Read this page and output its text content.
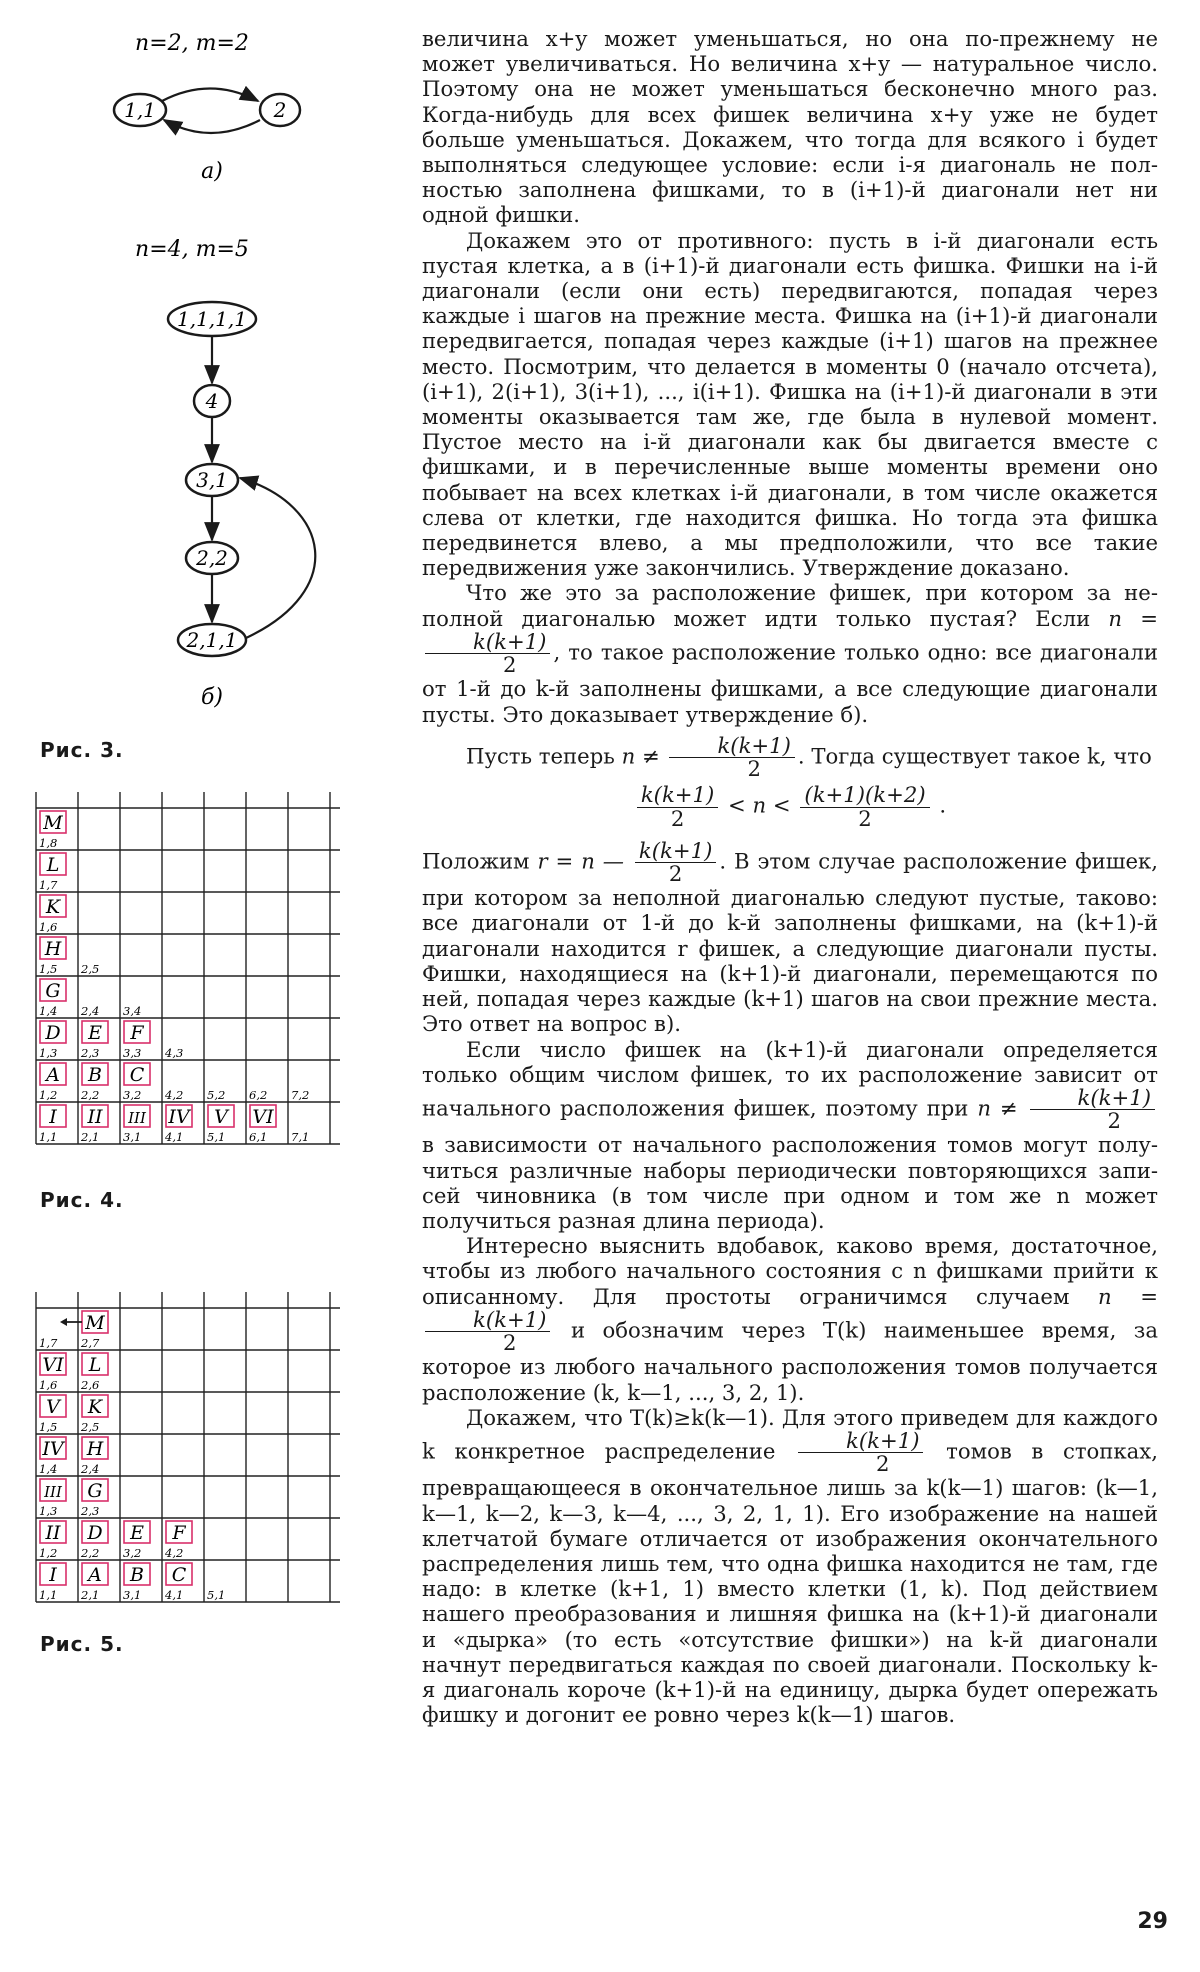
n=2, m=2
1,1	2
a)
n=4, m=5
1,1,1,1
4
3,1
2,2
2,1,1
б)
Рис. 3.
M
1,8
L
1,7
K
1,6
H
1,5 2,5
G
1,4 2,4 3,4
D
1,3
E
2,3
F
3,3 4,3
A
1,2
B
2,2
C
3,2 4,2 5,2 6,2 7,2
I
1,1
II
2,1
III
3,1
IV
4,1
V
5,1
VI
6,1 7,1
Рис. 4.
1,7
M
2,7
VI
1,6
L
2,6
V
1,5
K
2,5
IV
1,4
H
2,4
III
1,3
G
2,3
II
1,2
D
2,2
E
3,2
F
4,2
I
1,1
A
2,1
B
3,1
C
4,1 5,1
Рис. 5.

величина x+y может уменьшаться, но она по-прежнему не может увеличиваться. Но величина x+y — натуральное число. Поэтому она не может уменьшаться бесконечно много раз. Когда-нибудь для всех фишек величина x+y уже не будет больше уменьшаться. Докажем, что тогда для всякого i будет выполняться следующее условие: если i-я диагональ не полностью заполнена фишками, то в (i+1)-й диагонали нет ни одной фишки.

Докажем это от противного: пусть в i-й диагонали есть пустая клетка, а в (i+1)-й диагонали есть фишка. Фишки на i-й диагонали (если они есть) передвигаются, попадая через каждые i шагов на прежние места. Фишка на (i+1)-й диагонали передвигается, попадая через каждые (i+1) шагов на прежнее место. Посмотрим, что делается в моменты 0 (начало отсчета), (i+1), 2(i+1), 3(i+1), ..., i(i+1). Фишка на (i+1)-й диагонали в эти моменты оказывается там же, где была в нулевой момент. Пустое место на i-й диагонали как бы двигается вместе с фишками, и в перечисленные выше моменты времени оно побывает на всех клетках i-й диагонали, в том числе окажется слева от клетки, где находится фишка. Но тогда эта фишка передвинется влево, а мы предположили, что все такие передвижения уже закончились. Утверждение доказано.

Что же это за расположение фишек, при котором за неполной диагональю может идти только пустая? Если n =
$\frac{k(k+1)}{2}$ , то такое расположение только одно: все диагонали от 1-й до k-й заполнены фишками, а все следующие диагонали пусты. Это доказывает утверждение б).

Пусть теперь $n \ne \frac{k(k+1)}{2}$ . Тогда существует такое k, что

$\frac{k(k+1)}{2} < n < \frac{(k+1)(k+2)}{2}$ .

Положим r = n — $\frac{k(k+1)}{2}$ . В этом случае расположение фишек, при котором за неполной диагональю следуют пустые, таково: все диагонали от 1-й до k-й заполнены фишками, на (k+1)-й диагонали находится r фишек, а следующие диагонали пусты. Фишки, находящиеся на (k+1)-й диагонали, перемещаются по ней, попадая через каждые (k+1) шагов на свои прежние места. Это ответ на вопрос в).

Если число фишек на (k+1)-й диагонали определяется только общим числом фишек, то их расположение зависит от начального расположения фишек, поэтому при $n \ne \frac{k(k+1)}{2}$
в зависимости от начального расположения томов могут получиться различные наборы периодически повторяющихся записей чиновника (в том числе при одном и том же n может получиться разная длина периода).

Интересно выяснить вдобавок, каково время, достаточное, чтобы из любого начального состояния с n фишками прийти к описанному. Для простоты ограничимся случаем n =
$\frac{k(k+1)}{2}$ и обозначим через T(k) наименьшее время, за которое из любого начального расположения томов получается расположение (k, k—1, ..., 3, 2, 1).

Докажем, что T(k)≥k(k—1). Для этого приведем для каждого k конкретное распределение $\frac{k(k+1)}{2}$ томов в стопках, превращающееся в окончательное лишь за k(k—1) шагов: (k—1, k—1, k—2, k—3, k—4, ..., 3, 2, 1, 1). Его изображение на нашей клетчатой бумаге отличается от изображения окончательного распределения лишь тем, что одна фишка находится не там, где надо: в клетке (k+1, 1) вместо клетки (1, k). Под действием нашего преобразования и лишняя фишка на (k+1)-й диагонали и «дырка» (то есть «отсутствие фишки») на k-й диагонали начнут передвигаться каждая по своей диагонали. Поскольку k-я диагональ короче (k+1)-й на единицу, дырка будет опережать фишку и догонит ее ровно через k(k—1) шагов.

29
